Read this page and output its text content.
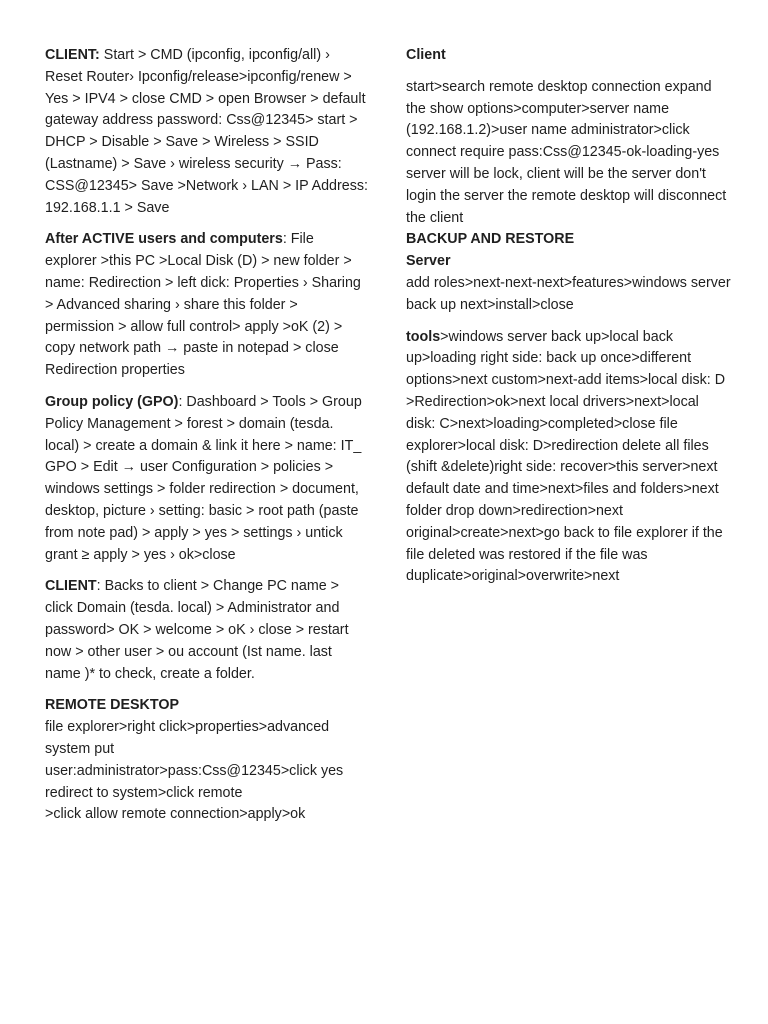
CLIENT: Start > CMD (ipconfig, ipconfig/all) › Reset Router› Ipconfig/release>ipconfig/renew > Yes > IPV4 > close CMD > open Browser > default gateway address password: Css@12345> start > DHCP > Disable > Save > Wireless > SSID (Lastname) > Save › wireless security → Pass: CSS@12345> Save >Network › LAN > IP Address: 192.168.1.1 > Save

After ACTIVE users and computers: File explorer >this PC >Local Disk (D) > new folder > name: Redirection > left dick: Properties › Sharing > Advanced sharing › share this folder > permission > allow full control> apply >oK (2) > copy network path → paste in notepad > close Redirection properties

Group policy (GPO): Dashboard > Tools > Group Policy Management > forest > domain (tesda. local) > create a domain & link it here > name: IT_ GPO > Edit → user Configuration > policies > windows settings > folder redirection > document, desktop, picture › setting: basic > root path (paste from note pad) > apply > yes > settings › untick grant ≥ apply > yes › ok>close

CLIENT: Backs to client > Change PC name > click Domain (tesda. local) > Administrator and password> OK > welcome > oK › close > restart now > other user > ou account (Ist name. last name )* to check, create a folder.

REMOTE DESKTOP
file explorer>right click>properties>advanced system put user:administrator>pass:Css@12345>click yes redirect to system>click remote
>click allow remote connection>apply>ok

Client

start>search remote desktop connection expand the show options>computer>server name (192.168.1.2)>user name administrator>click connect require pass:Css@12345-ok-loading-yes server will be lock, client will be the server don't login the server the remote desktop will disconnect the client

BACKUP AND RESTORE
Server
add roles>next-next-next>features>windows server back up next>install>close

tools>windows server back up>local back up>loading right side: back up once>different options>next custom>next-add items>local disk: D >Redirection>ok>next local drivers>next>local disk: C>next>loading>completed>close file explorer>local disk: D>redirection delete all files (shift &delete)right side: recover>this server>next default date and time>next>files and folders>next folder drop down>redirection>next original>create>next>go back to file explorer if the file deleted was restored if the file was duplicate>original>overwrite>next
